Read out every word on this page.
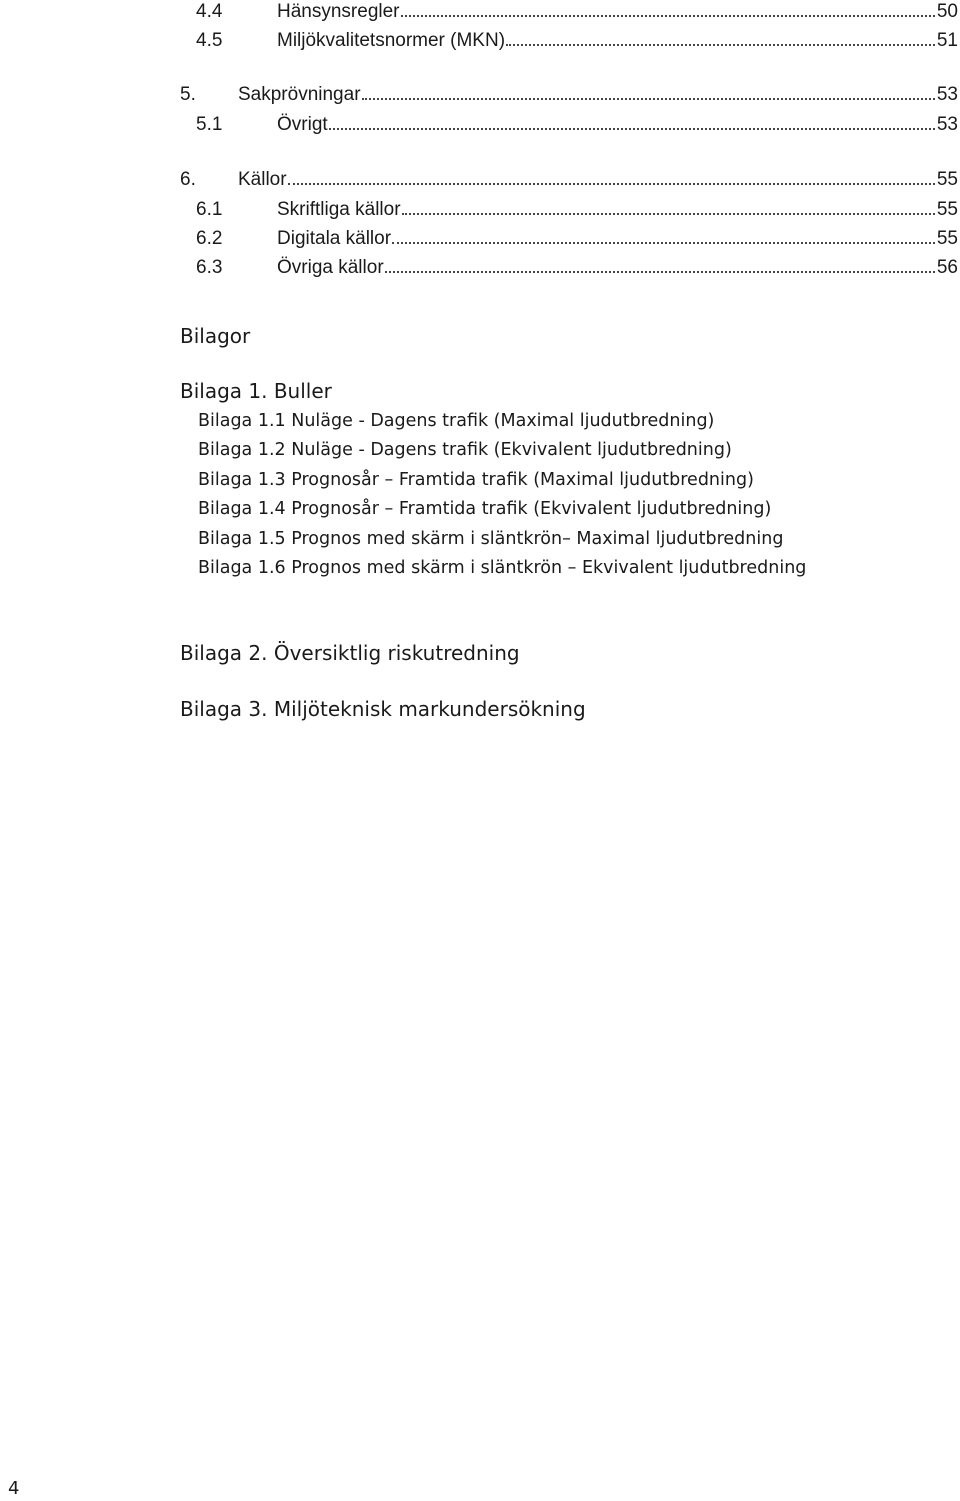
4.4	Hänsynsregler	50
4.5	Miljökvalitetsnormer (MKN)	51
5.	Sakprövningar	53
5.1	Övrigt	53
6.	Källor	55
6.1	Skriftliga källor	55
6.2	Digitala källor	55
6.3	Övriga källor	56
Bilagor
Bilaga 1. Buller
Bilaga 1.1 Nuläge - Dagens trafik (Maximal ljudutbredning)
Bilaga 1.2 Nuläge - Dagens trafik (Ekvivalent ljudutbredning)
Bilaga 1.3 Prognosår – Framtida trafik (Maximal ljudutbredning)
Bilaga 1.4 Prognosår – Framtida trafik (Ekvivalent ljudutbredning)
Bilaga 1.5 Prognos med skärm i släntkrön– Maximal ljudutbredning
Bilaga 1.6 Prognos med skärm i släntkrön – Ekvivalent ljudutbredning
Bilaga 2. Översiktlig riskutredning
Bilaga 3. Miljöteknisk markundersökning
4
